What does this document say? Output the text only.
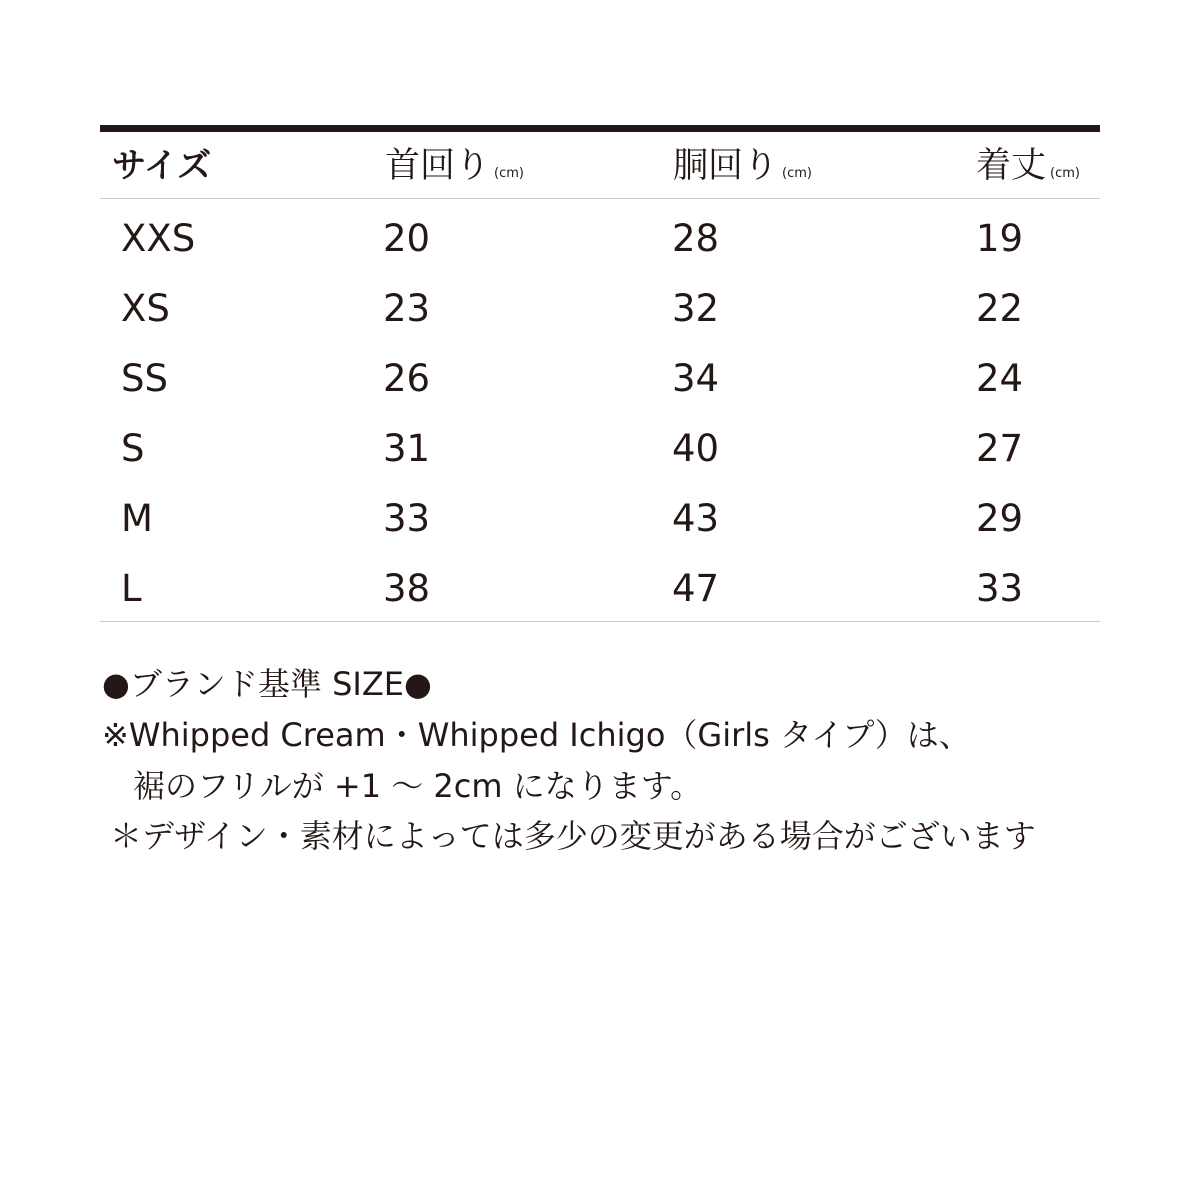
サイズ	首回り (cm)	胴回り (cm)	着丈 (cm)
XXS	20	28	19
XS	23	32	22
SS	26	34	24
S	31	40	27
M	33	43	29
L	38	47	33
●ブランド基準 SIZE●
※Whipped Cream・Whipped Ichigo（Girls タイプ）は、
裾のフリルが +1 〜 2cm になります。
＊デザイン・素材によっては多少の変更がある場合がございます
